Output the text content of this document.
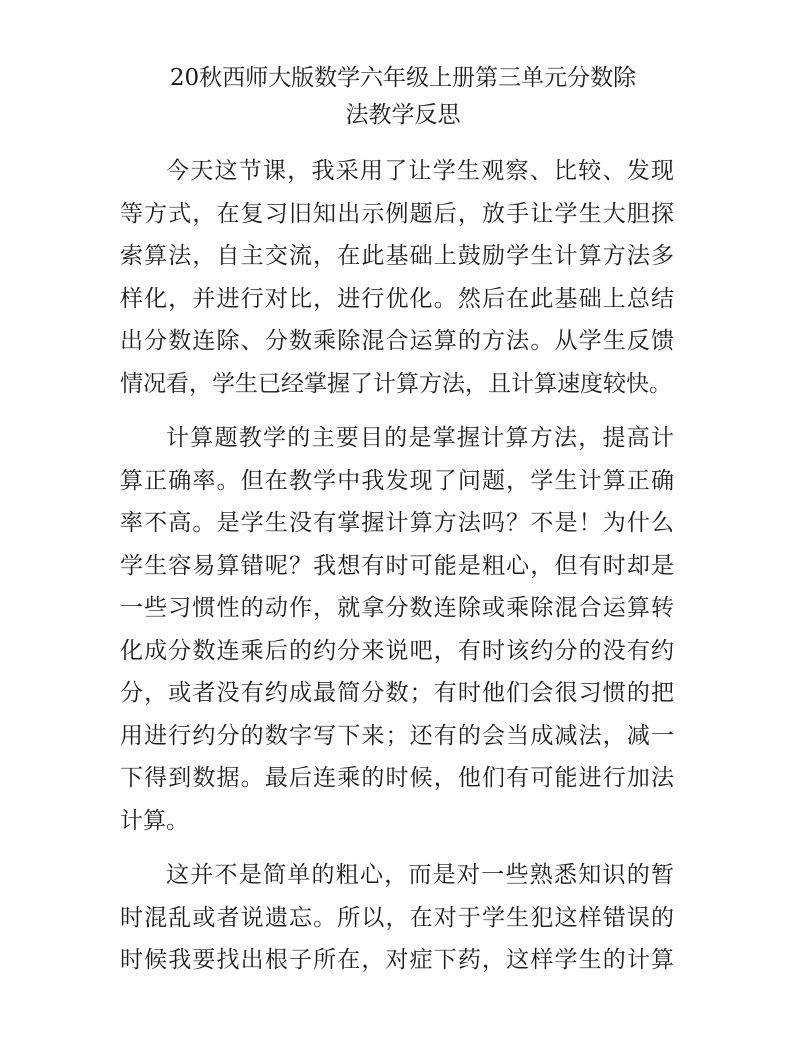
20秋西师大版数学六年级上册第三单元分数除
法教学反思

今天这节课，我采用了让学生观察、比较、发现
等方式，在复习旧知出示例题后，放手让学生大胆探
索算法，自主交流，在此基础上鼓励学生计算方法多
样化，并进行对比，进行优化。然后在此基础上总结
出分数连除、分数乘除混合运算的方法。从学生反馈
情况看，学生已经掌握了计算方法，且计算速度较快。

计算题教学的主要目的是掌握计算方法，提高计
算正确率。但在教学中我发现了问题，学生计算正确
率不高。是学生没有掌握计算方法吗？不是！为什么
学生容易算错呢？我想有时可能是粗心，但有时却是
一些习惯性的动作，就拿分数连除或乘除混合运算转
化成分数连乘后的约分来说吧，有时该约分的没有约
分，或者没有约成最简分数；有时他们会很习惯的把
用进行约分的数字写下来；还有的会当成减法，减一
下得到数据。最后连乘的时候，他们有可能进行加法
计算。

这并不是简单的粗心，而是对一些熟悉知识的暂
时混乱或者说遗忘。所以，在对于学生犯这样错误的
时候我要找出根子所在，对症下药，这样学生的计算
